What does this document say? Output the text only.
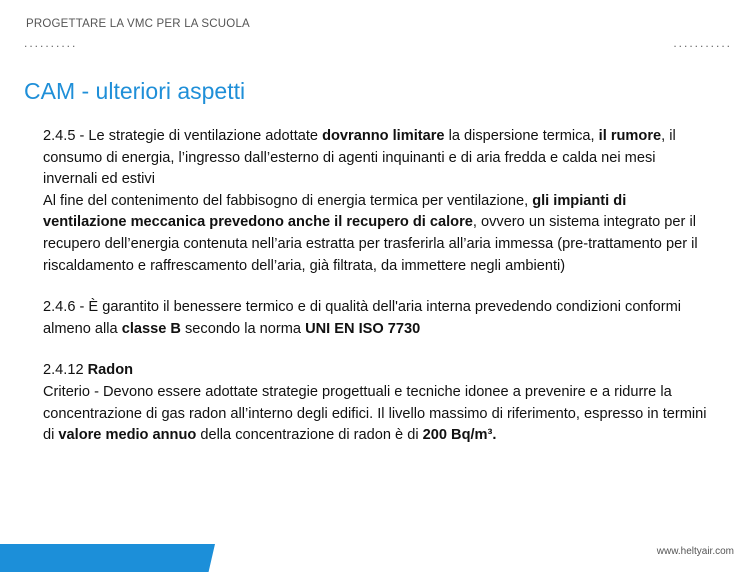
PROGETTARE LA VMC PER LA SCUOLA
..........	...........
CAM - ulteriori aspetti

2.4.5 - Le strategie di ventilazione adottate dovranno limitare la dispersione termica, il rumore, il consumo di energia, l’ingresso dall’esterno di agenti inquinanti e di aria fredda e calda nei mesi invernali ed estivi

Al fine del contenimento del fabbisogno di energia termica per ventilazione, gli impianti di ventilazione meccanica prevedono anche il recupero di calore, ovvero un sistema integrato per il recupero dell’energia contenuta nell’aria estratta per trasferirla all’aria immessa (pre-trattamento per il riscaldamento e raffrescamento dell’aria, già filtrata, da immettere negli ambienti)

2.4.6 - È garantito il benessere termico e di qualità dell'aria interna prevedendo condizioni conformi almeno alla classe B secondo la norma UNI EN ISO 7730

2.4.12 Radon

Criterio - Devono essere adottate strategie progettuali e tecniche idonee a prevenire e a ridurre la concentrazione di gas radon all’interno degli edifici. Il livello massimo di riferimento, espresso in termini di valore medio annuo della concentrazione di radon è di 200 Bq/m³.

www.heltyair.com
